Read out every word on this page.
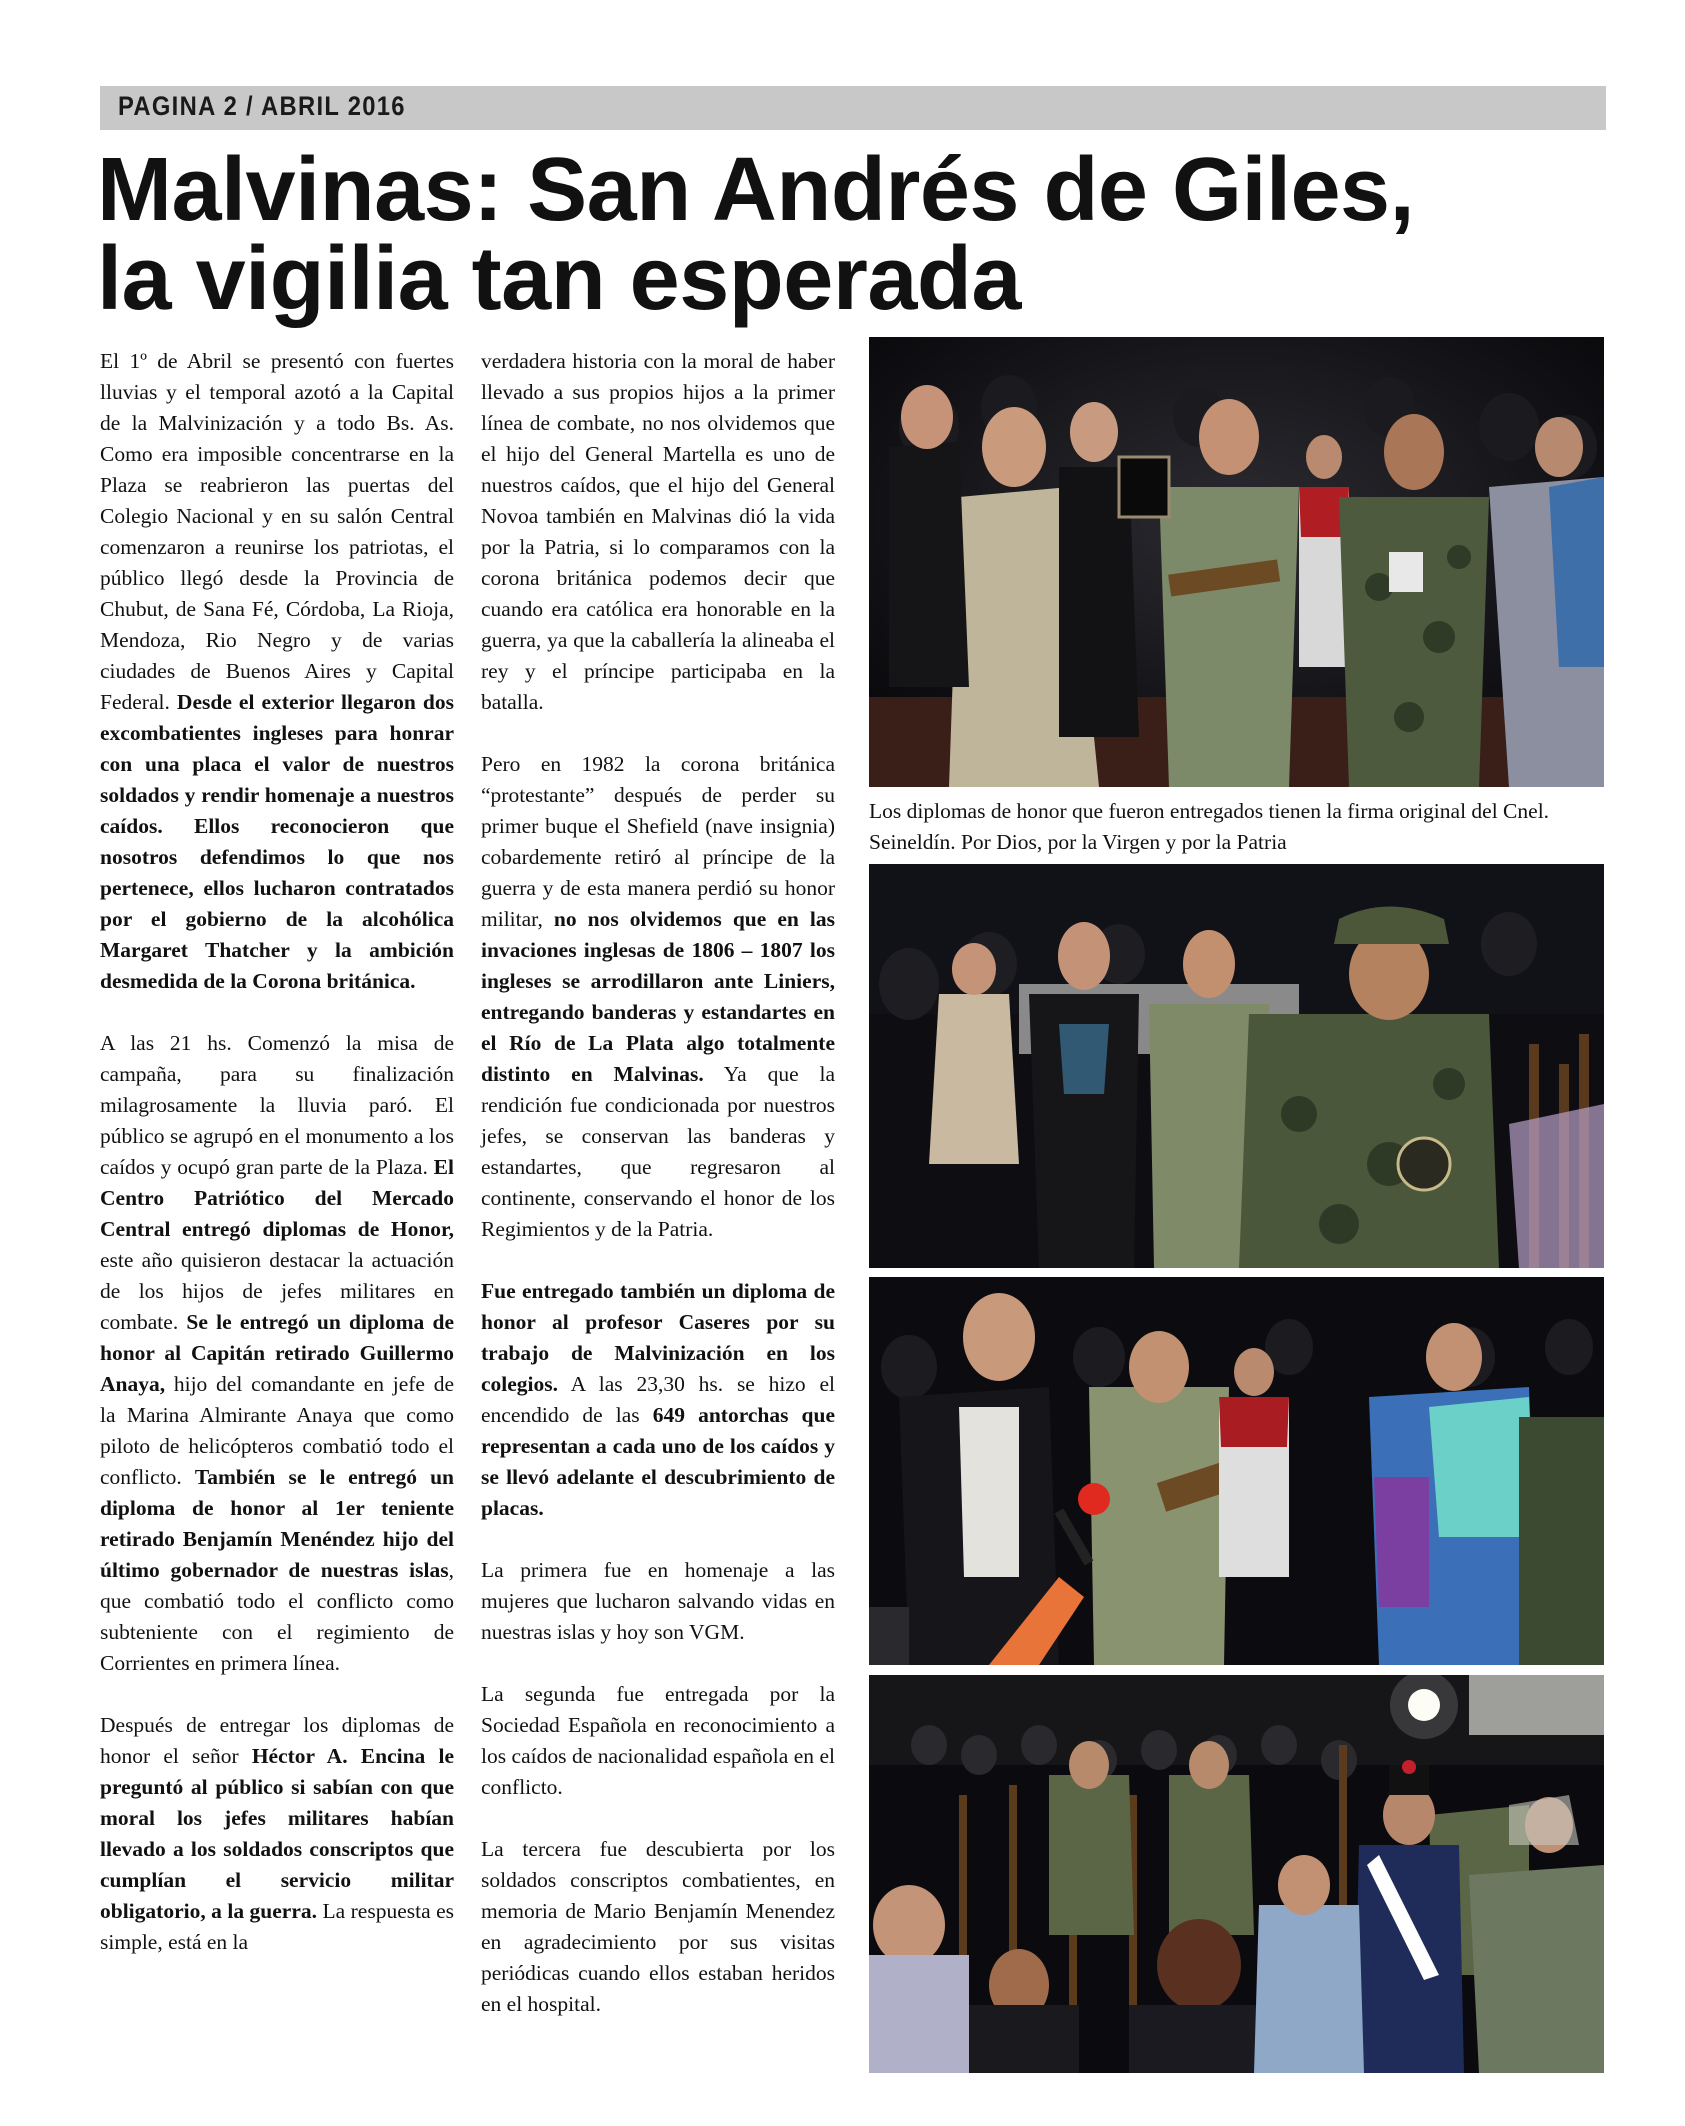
PAGINA 2 / ABRIL 2016
Malvinas: San Andrés de Giles,
la vigilia tan esperada

El 1º de Abril se presentó con fuertes lluvias y el temporal azotó a la Capital de la Malvinización y a todo Bs. As. Como era imposible concentrarse en la Plaza se reabrieron las puertas del Colegio Nacional y en su salón Central comenzaron a reunirse los patriotas, el público llegó desde la Provincia de Chubut, de Sana Fé, Córdoba, La Rioja, Mendoza, Rio Negro y de varias ciudades de Buenos Aires y Capital Federal. Desde el exterior llegaron dos excombatientes ingleses para honrar con una placa el valor de nuestros soldados y rendir homenaje a nuestros caídos. Ellos reconocieron que nosotros defendimos lo que nos pertenece, ellos lucharon contratados por el gobierno de la alcohólica Margaret Thatcher y la ambición desmedida de la Corona británica.

A las 21 hs. Comenzó la misa de campaña, para su finalización milagrosamente la lluvia paró. El público se agrupó en el monumento a los caídos y ocupó gran parte de la Plaza. El Centro Patriótico del Mercado Central entregó diplomas de Honor, este año quisieron destacar la actuación de los hijos de jefes militares en combate. Se le entregó un diploma de honor al Capitán retirado Guillermo Anaya, hijo del comandante en jefe de la Marina Almirante Anaya que como piloto de helicópteros combatió todo el conflicto. También se le entregó un diploma de honor al 1er teniente retirado Benjamín Menéndez hijo del último gobernador de nuestras islas, que combatió todo el conflicto como subteniente con el regimiento de Corrientes en primera línea.

Después de entregar los diplomas de honor el señor Héctor A. Encina le preguntó al público si sabían con que moral los jefes militares habían llevado a los soldados conscriptos que cumplían el servicio militar obligatorio, a la guerra. La respuesta es simple, está en la

verdadera historia con la moral de haber llevado a sus propios hijos a la primer línea de combate, no nos olvidemos que el hijo del General Martella es uno de nuestros caídos, que el hijo del General Novoa también en Malvinas dió la vida por la Patria, si lo comparamos con la corona británica podemos decir que cuando era católica era honorable en la guerra, ya que la caballería la alineaba el rey y el príncipe participaba en la batalla.

Pero en 1982 la corona británica “protestante” después de perder su primer buque el Shefield (nave insignia) cobardemente retiró al príncipe de la guerra y de esta manera perdió su honor militar, no nos olvidemos que en las invaciones inglesas de 1806 – 1807 los ingleses se arrodillaron ante Liniers, entregando banderas y estandartes en el Río de La Plata algo totalmente distinto en Malvinas. Ya que la rendición fue condicionada por nuestros jefes, se conservan las banderas y estandartes, que regresaron al continente, conservando el honor de los Regimientos y de la Patria.

Fue entregado también un diploma de honor al profesor Caseres por su trabajo de Malvinización en los colegios. A las 23,30 hs. se hizo el encendido de las 649 antorchas que representan a cada uno de los caídos y se llevó adelante el descubrimiento de placas.

La primera fue en homenaje a las mujeres que lucharon salvando vidas en nuestras islas y hoy son VGM.

La segunda fue entregada por la Sociedad Española en reconocimiento a los caídos de nacionalidad española en el conflicto.

La tercera fue descubierta por los soldados conscriptos combatientes, en memoria de Mario Benjamín Menendez en agradecimiento por sus visitas periódicas cuando ellos estaban heridos en el hospital.

Los diplomas de honor que fueron entregados tienen la firma original del Cnel. Seineldín. Por Dios, por la Virgen y por la Patria
